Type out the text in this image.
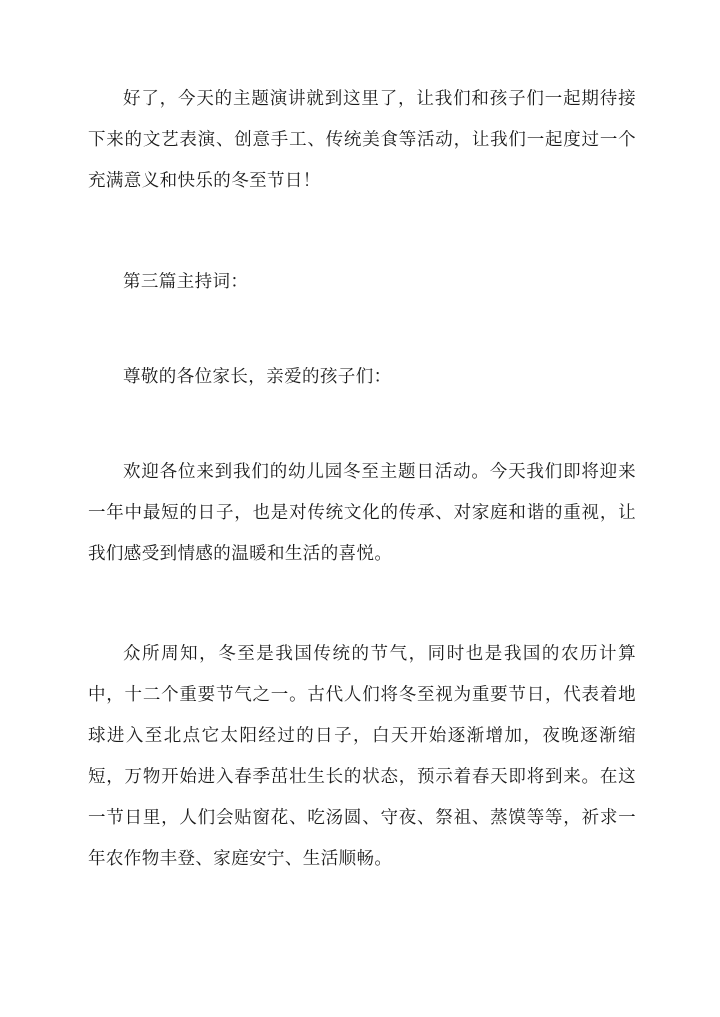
好了，今天的主题演讲就到这里了，让我们和孩子们一起期待接下来的文艺表演、创意手工、传统美食等活动，让我们一起度过一个充满意义和快乐的冬至节日！

第三篇主持词：

尊敬的各位家长，亲爱的孩子们：

欢迎各位来到我们的幼儿园冬至主题日活动。今天我们即将迎来一年中最短的日子，也是对传统文化的传承、对家庭和谐的重视，让我们感受到情感的温暖和生活的喜悦。

众所周知，冬至是我国传统的节气，同时也是我国的农历计算中，十二个重要节气之一。古代人们将冬至视为重要节日，代表着地球进入至北点它太阳经过的日子，白天开始逐渐增加，夜晚逐渐缩短，万物开始进入春季茁壮生长的状态，预示着春天即将到来。在这一节日里，人们会贴窗花、吃汤圆、守夜、祭祖、蒸馍等等，祈求一年农作物丰登、家庭安宁、生活顺畅。
